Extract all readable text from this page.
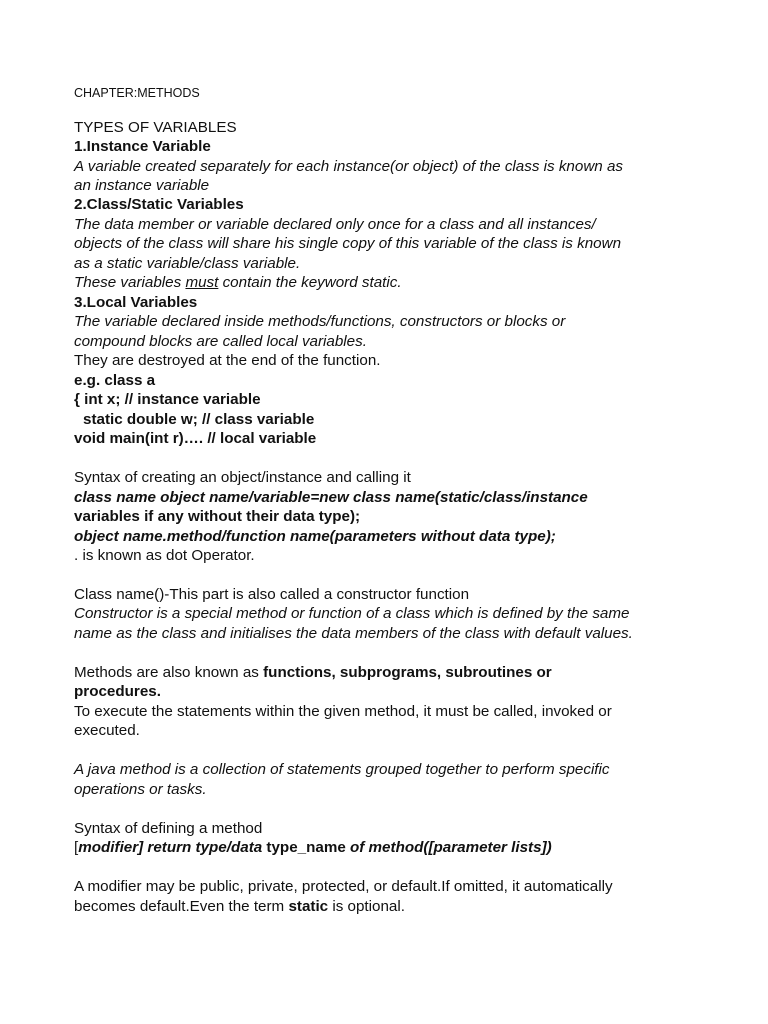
CHAPTER:METHODS

TYPES OF VARIABLES

1.Instance Variable

A variable created separately for each instance(or object) of the class is known as

an instance variable

2.Class/Static Variables

The data member or variable declared only once for a class and all instances/

objects of the class will share his single copy of this variable of the class is known

as a static variable/class variable.

These variables must contain the keyword static.

3.Local Variables

The variable declared inside methods/functions, constructors or blocks or

compound blocks are called local variables.

They are destroyed at the end of the function.

e.g. class a

{ int x; // instance variable

static double w; // class variable

void main(int r)…. // local variable

Syntax of creating an object/instance and calling it

class name object name/variable=new class name(static/class/instance

variables if any without their data type);

object name.method/function name(parameters without data type);

. is known as dot Operator.

Class name()-This part is also called a constructor function

Constructor is a special method or function of a class which is defined by the same

name as the class and initialises the data members of the class with default values.

Methods are also known as functions, subprograms, subroutines or

procedures.

To execute the statements within the given method, it must be called, invoked or

executed.

A java method is a collection of statements grouped together to perform specific

operations or tasks.

Syntax of defining a method

[modifier] return type/data type_name of method([parameter lists])

A modifier may be public, private, protected, or default.If omitted, it automatically

becomes default.Even the term static is optional.
